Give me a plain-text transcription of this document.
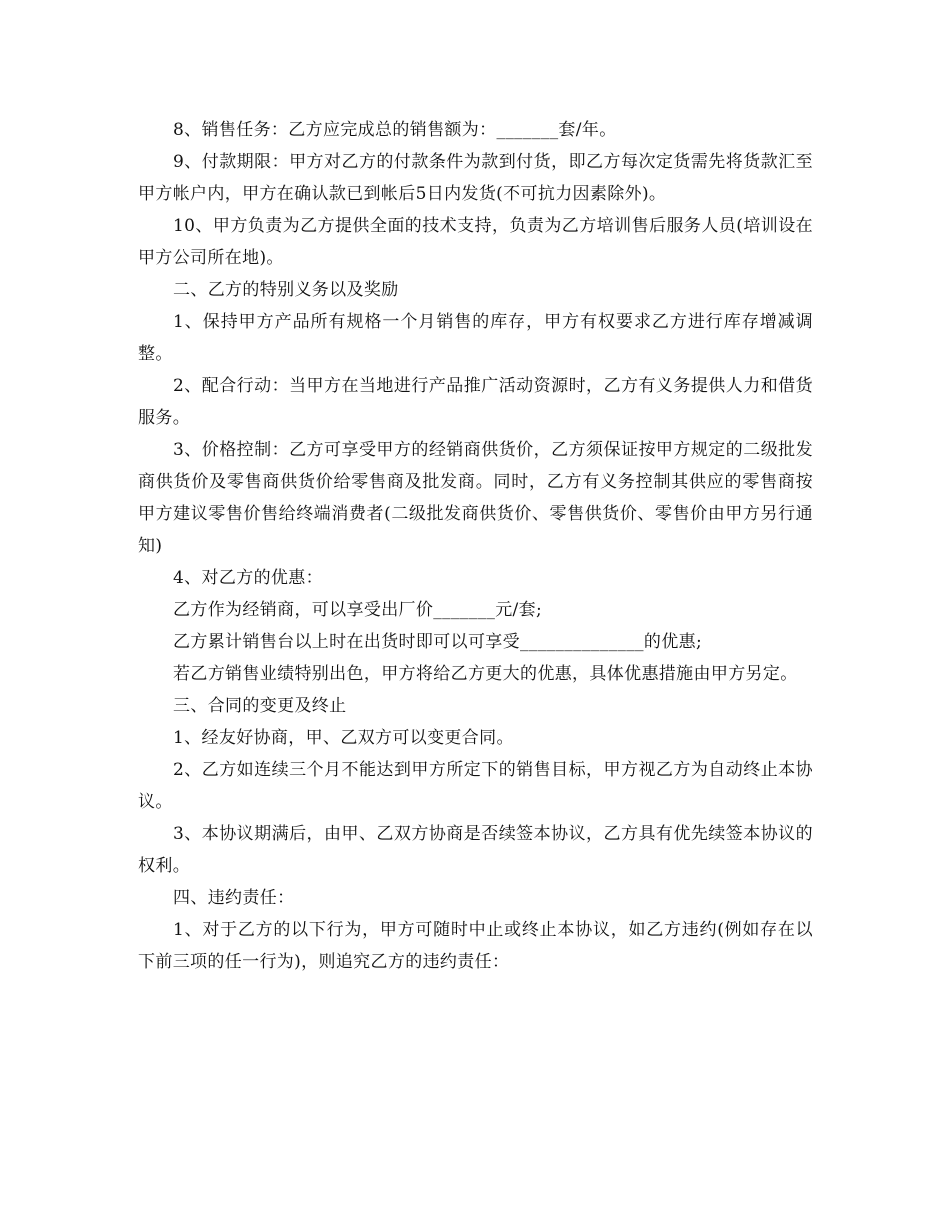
8、销售任务：乙方应完成总的销售额为：_______套/年。

9、付款期限：甲方对乙方的付款条件为款到付货，即乙方每次定货需先将货款汇至甲方帐户内，甲方在确认款已到帐后5日内发货(不可抗力因素除外)。

10、甲方负责为乙方提供全面的技术支持，负责为乙方培训售后服务人员(培训设在甲方公司所在地)。

二、乙方的特别义务以及奖励

1、保持甲方产品所有规格一个月销售的库存，甲方有权要求乙方进行库存增减调整。

2、配合行动：当甲方在当地进行产品推广活动资源时，乙方有义务提供人力和借货服务。

3、价格控制：乙方可享受甲方的经销商供货价，乙方须保证按甲方规定的二级批发商供货价及零售商供货价给零售商及批发商。同时，乙方有义务控制其供应的零售商按甲方建议零售价售给终端消费者(二级批发商供货价、零售供货价、零售价由甲方另行通知)

4、对乙方的优惠：

乙方作为经销商，可以享受出厂价_______元/套;

乙方累计销售台以上时在出货时即可以可享受______________的优惠;

若乙方销售业绩特别出色，甲方将给乙方更大的优惠，具体优惠措施由甲方另定。

三、合同的变更及终止

1、经友好协商，甲、乙双方可以变更合同。

2、乙方如连续三个月不能达到甲方所定下的销售目标，甲方视乙方为自动终止本协议。

3、本协议期满后，由甲、乙双方协商是否续签本协议，乙方具有优先续签本协议的权利。

四、违约责任：

1、对于乙方的以下行为，甲方可随时中止或终止本协议，如乙方违约(例如存在以下前三项的任一行为)，则追究乙方的违约责任：
